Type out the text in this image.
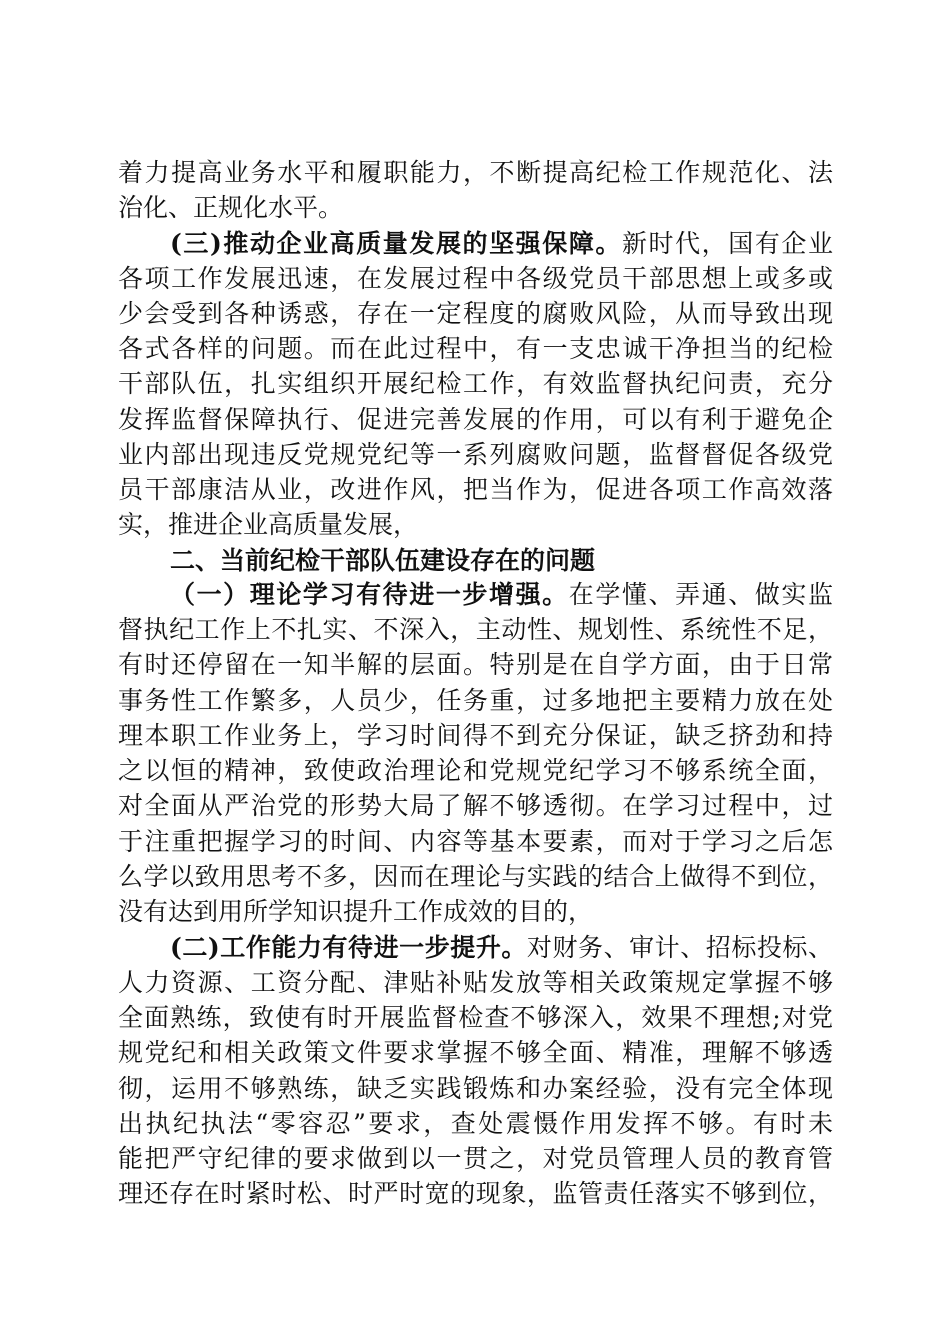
着力提高业务水平和履职能力，不断提高纪检工作规范化、法
治化、正规化水平。
(三)推动企业高质量发展的坚强保障。新时代，国有企业
各项工作发展迅速，在发展过程中各级党员干部思想上或多或
少会受到各种诱惑，存在一定程度的腐败风险，从而导致出现
各式各样的问题。而在此过程中，有一支忠诚干净担当的纪检
干部队伍，扎实组织开展纪检工作，有效监督执纪问责，充分
发挥监督保障执行、促进完善发展的作用，可以有利于避免企
业内部出现违反党规党纪等一系列腐败问题，监督督促各级党
员干部康洁从业，改进作风，把当作为，促进各项工作高效落
实，推进企业高质量发展，
二、当前纪检干部队伍建设存在的问题
（一）理论学习有待进一步增强。在学懂、弄通、做实监
督执纪工作上不扎实、不深入，主动性、规划性、系统性不足，
有时还停留在一知半解的层面。特别是在自学方面，由于日常
事务性工作繁多，人员少，任务重，过多地把主要精力放在处
理本职工作业务上，学习时间得不到充分保证，缺乏挤劲和持
之以恒的精神，致使政治理论和党规党纪学习不够系统全面，
对全面从严治党的形势大局了解不够透彻。在学习过程中，过
于注重把握学习的时间、内容等基本要素，而对于学习之后怎
么学以致用思考不多，因而在理论与实践的结合上做得不到位，
没有达到用所学知识提升工作成效的目的，
(二)工作能力有待进一步提升。对财务、审计、招标投标、
人力资源、工资分配、津贴补贴发放等相关政策规定掌握不够
全面熟练，致使有时开展监督检查不够深入，效果不理想;对党
规党纪和相关政策文件要求掌握不够全面、精准，理解不够透
彻，运用不够熟练，缺乏实践锻炼和办案经验，没有完全体现
出执纪执法“零容忍”要求，查处震慑作用发挥不够。有时未
能把严守纪律的要求做到以一贯之，对党员管理人员的教育管
理还存在时紧时松、时严时宽的现象，监管责任落实不够到位，
